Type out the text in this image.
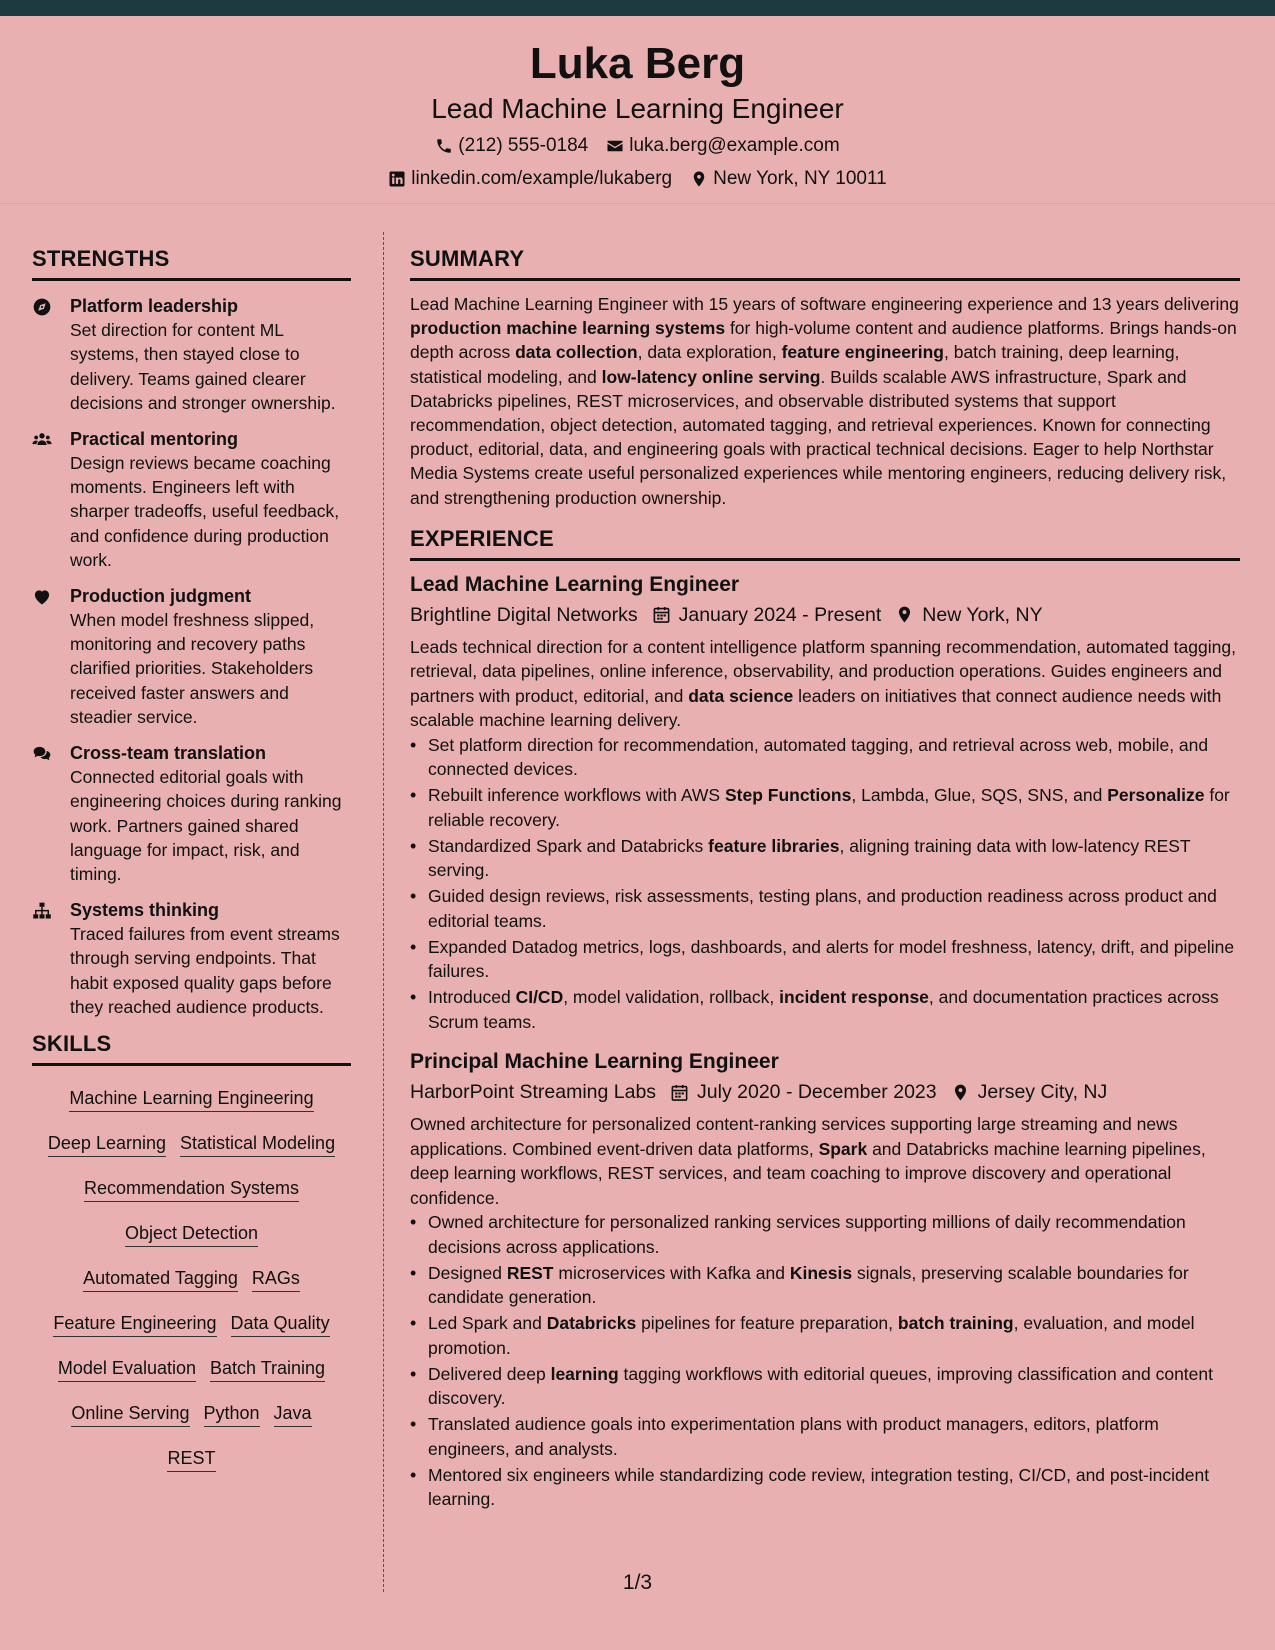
Luka Berg
Lead Machine Learning Engineer
(212) 555-0184 luka.berg@example.com
linkedin.com/example/lukaberg New York, NY 10011
STRENGTHS
Platform leadership
Set direction for content ML systems, then stayed close to delivery. Teams gained clearer decisions and stronger ownership.
Practical mentoring
Design reviews became coaching moments. Engineers left with sharper tradeoffs, useful feedback, and confidence during production work.
Production judgment
When model freshness slipped, monitoring and recovery paths clarified priorities. Stakeholders received faster answers and steadier service.
Cross-team translation
Connected editorial goals with engineering choices during ranking work. Partners gained shared language for impact, risk, and timing.
Systems thinking
Traced failures from event streams through serving endpoints. That habit exposed quality gaps before they reached audience products.
SKILLS
Machine Learning Engineering
Deep Learning Statistical Modeling
Recommendation Systems
Object Detection
Automated Tagging RAGs
Feature Engineering Data Quality
Model Evaluation Batch Training
Online Serving Python Java
REST
SUMMARY
Lead Machine Learning Engineer with 15 years of software engineering experience and 13 years delivering production machine learning systems for high-volume content and audience platforms. Brings hands-on depth across data collection, data exploration, feature engineering, batch training, deep learning, statistical modeling, and low-latency online serving. Builds scalable AWS infrastructure, Spark and Databricks pipelines, REST microservices, and observable distributed systems that support recommendation, object detection, automated tagging, and retrieval experiences. Known for connecting product, editorial, data, and engineering goals with practical technical decisions. Eager to help Northstar Media Systems create useful personalized experiences while mentoring engineers, reducing delivery risk, and strengthening production ownership.
EXPERIENCE
Lead Machine Learning Engineer
Brightline Digital Networks January 2024 - Present New York, NY
Leads technical direction for a content intelligence platform spanning recommendation, automated tagging, retrieval, data pipelines, online inference, observability, and production operations. Guides engineers and partners with product, editorial, and data science leaders on initiatives that connect audience needs with scalable machine learning delivery.
• Set platform direction for recommendation, automated tagging, and retrieval across web, mobile, and connected devices.
• Rebuilt inference workflows with AWS Step Functions, Lambda, Glue, SQS, SNS, and Personalize for reliable recovery.
• Standardized Spark and Databricks feature libraries, aligning training data with low-latency REST serving.
• Guided design reviews, risk assessments, testing plans, and production readiness across product and editorial teams.
• Expanded Datadog metrics, logs, dashboards, and alerts for model freshness, latency, drift, and pipeline failures.
• Introduced CI/CD, model validation, rollback, incident response, and documentation practices across Scrum teams.
Principal Machine Learning Engineer
HarborPoint Streaming Labs July 2020 - December 2023 Jersey City, NJ
Owned architecture for personalized content-ranking services supporting large streaming and news applications. Combined event-driven data platforms, Spark and Databricks machine learning pipelines, deep learning workflows, REST services, and team coaching to improve discovery and operational confidence.
• Owned architecture for personalized ranking services supporting millions of daily recommendation decisions across applications.
• Designed REST microservices with Kafka and Kinesis signals, preserving scalable boundaries for candidate generation.
• Led Spark and Databricks pipelines for feature preparation, batch training, evaluation, and model promotion.
• Delivered deep learning tagging workflows with editorial queues, improving classification and content discovery.
• Translated audience goals into experimentation plans with product managers, editors, platform engineers, and analysts.
• Mentored six engineers while standardizing code review, integration testing, CI/CD, and post-incident learning.
1/3
